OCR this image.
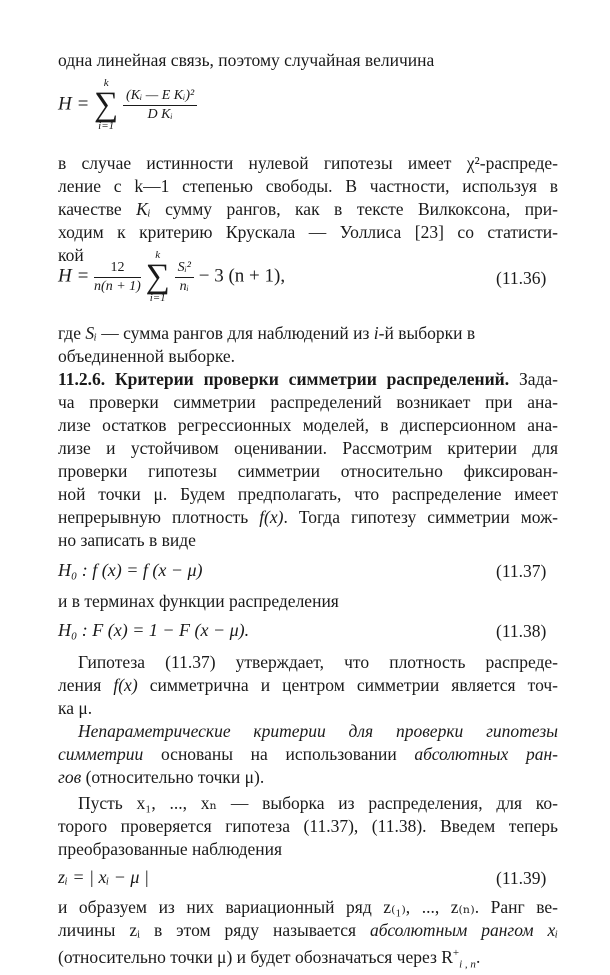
одна линейная связь, поэтому случайная величина
H =
k
∑
i=1

$\frac{\text{(Kᵢ — E Kᵢ)²}}{\text{D Kᵢ}}$
в случае истинности нулевой гипотезы имеет χ²-распреде-
ление с k—1 степенью свободы. В частности, используя в
качестве Kᵢ сумму рангов, как в тексте Вилкоксона, при-
ходим к критерию Крускала — Уоллиса [23] со статисти-
кой
$H = \frac{12}{n(n + 1)}$

k
∑
i=1

$\frac{\text{Sᵢ²}}{\text{nᵢ}} - 3$ (n + 1),	(11.36)
где Sᵢ — сумма рангов для наблюдений из i-й выборки в
объединенной выборке.
11.2.6. Критерии проверки симметрии распределений. Зада-
ча проверки симметрии распределений возникает при ана-
лизе остатков регрессионных моделей, в дисперсионном ана-
лизе и устойчивом оценивании. Рассмотрим критерии для
проверки гипотезы симметрии относительно фиксирован-
ной точки μ. Будем предполагать, что распределение имеет
непрерывную плотность f(x). Тогда гипотезу симметрии мож-
но записать в виде
H₀ : f (x) = f (x − μ)	(11.37)
и в терминах функции распределения
H₀ : F (x) = 1 − F (x − μ).	(11.38)
Гипотеза (11.37) утверждает, что плотность распреде-
ления f(x) симметрична и центром симметрии является точ-
ка μ.
Непараметрические критерии для проверки гипотезы
симметрии основаны на использовании абсолютных ран-
гов (относительно точки μ).
Пусть x₁, ..., xₙ — выборка из распределения, для ко-
торого проверяется гипотеза (11.37), (11.38). Введем теперь
преобразованные наблюдения
zᵢ = | xᵢ − μ |	(11.39)
и образуем из них вариационный ряд z₍₁₎, ..., z₍ₙ₎. Ранг ве-
личины zᵢ в этом ряду называется абсолютным рангом xᵢ
(относительно точки μ) и будет обозначаться через $R^+_{i , n}$.
